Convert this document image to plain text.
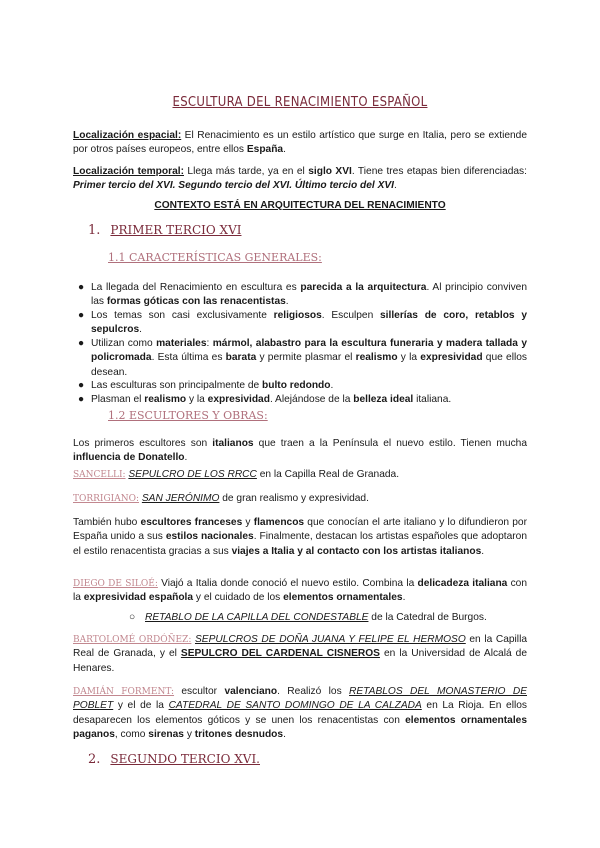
ESCULTURA DEL RENACIMIENTO ESPAÑOL
Localización espacial: El Renacimiento es un estilo artístico que surge en Italia, pero se extiende por otros países europeos, entre ellos España.
Localización temporal: Llega más tarde, ya en el siglo XVI. Tiene tres etapas bien diferenciadas: Primer tercio del XVI. Segundo tercio del XVI. Último tercio del XVI.
CONTEXTO ESTÁ EN ARQUITECTURA DEL RENACIMIENTO
1. PRIMER TERCIO XVI
1.1 CARACTERÍSTICAS GENERALES:
● La llegada del Renacimiento en escultura es parecida a la arquitectura. Al principio conviven las formas góticas con las renacentistas.
● Los temas son casi exclusivamente religiosos. Esculpen sillerías de coro, retablos y sepulcros.
● Utilizan como materiales: mármol, alabastro para la escultura funeraria y madera tallada y policromada. Esta última es barata y permite plasmar el realismo y la expresividad que ellos desean.
● Las esculturas son principalmente de bulto redondo.
● Plasman el realismo y la expresividad. Alejándose de la belleza ideal italiana.
1.2 ESCULTORES Y OBRAS:
Los primeros escultores son italianos que traen a la Península el nuevo estilo. Tienen mucha influencia de Donatello.
SANCELLI: SEPULCRO DE LOS RRCC en la Capilla Real de Granada.
TORRIGIANO: SAN JERÓNIMO de gran realismo y expresividad.
También hubo escultores franceses y flamencos que conocían el arte italiano y lo difundieron por España unido a sus estilos nacionales. Finalmente, destacan los artistas españoles que adoptaron el estilo renacentista gracias a sus viajes a Italia y al contacto con los artistas italianos.
DIEGO DE SILOÉ: Viajó a Italia donde conoció el nuevo estilo. Combina la delicadeza italiana con la expresividad española y el cuidado de los elementos ornamentales.
○ RETABLO DE LA CAPILLA DEL CONDESTABLE de la Catedral de Burgos.
BARTOLOMÉ ORDÓÑEZ: SEPULCROS DE DOÑA JUANA Y FELIPE EL HERMOSO en la Capilla Real de Granada, y el SEPULCRO DEL CARDENAL CISNEROS en la Universidad de Alcalá de Henares.
DAMIÁN FORMENT: escultor valenciano. Realizó los RETABLOS DEL MONASTERIO DE POBLET y el de la CATEDRAL DE SANTO DOMINGO DE LA CALZADA en La Rioja. En ellos desaparecen los elementos góticos y se unen los renacentistas con elementos ornamentales paganos, como sirenas y tritones desnudos.
2. SEGUNDO TERCIO XVI.
